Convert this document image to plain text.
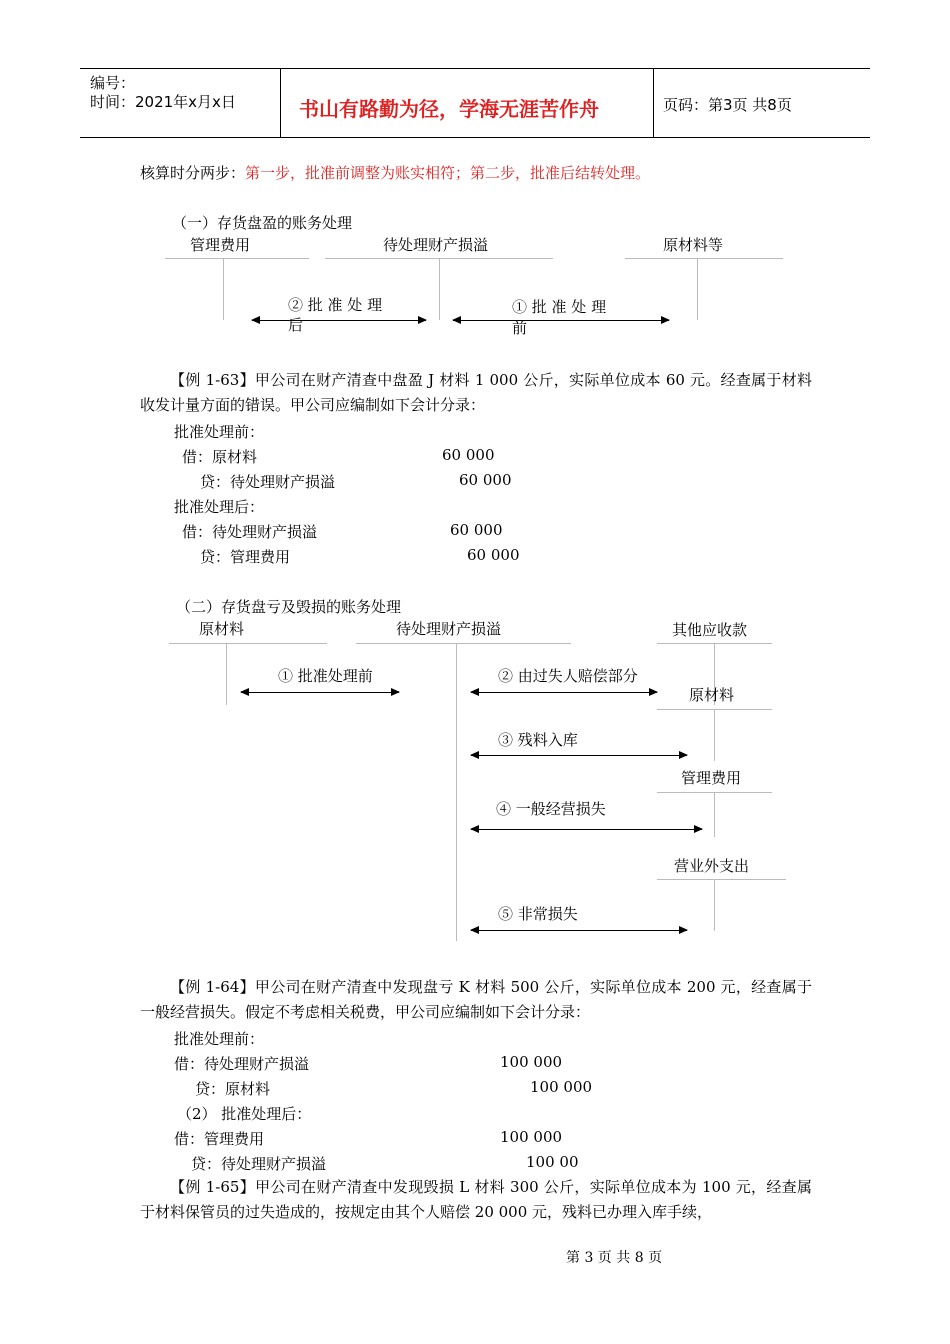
编号：
时间：2021年x月x日	书山有路勤为径，学海无涯苦作舟	页码：第3页 共8页
核算时分两步：第一步，批准前调整为账实相符；第二步，批准后结转处理。
（一）存货盘盈的账务处理
管理费用	待处理财产损溢	原材料等
② 批 准 处 理
后
① 批 准 处 理
前
【例 1-63】甲公司在财产清查中盘盈 J 材料 1 000 公斤，实际单位成本 60 元。经查属于材料收发计量方面的错误。甲公司应编制如下会计分录：
批准处理前：
借：原材料	60 000
贷：待处理财产损溢	60 000
批准处理后：
借：待处理财产损溢	60 000
贷：管理费用	60 000
（二）存货盘亏及毁损的账务处理
原材料	待处理财产损溢	其他应收款
原材料
管理费用
营业外支出
① 批准处理前	② 由过失人赔偿部分
③ 残料入库
④ 一般经营损失
⑤ 非常损失
【例 1-64】甲公司在财产清查中发现盘亏 K 材料 500 公斤，实际单位成本 200 元，经查属于一般经营损失。假定不考虑相关税费，甲公司应编制如下会计分录：
批准处理前：
借：待处理财产损溢	100 000
贷：原材料	100 000
（2） 批准处理后：
借：管理费用	100 000
贷：待处理财产损溢	100 00
【例 1-65】甲公司在财产清查中发现毁损 L 材料 300 公斤，实际单位成本为 100 元，经查属于材料保管员的过失造成的，按规定由其个人赔偿 20 000 元，残料已办理入库手续，
第 3 页 共 8 页
